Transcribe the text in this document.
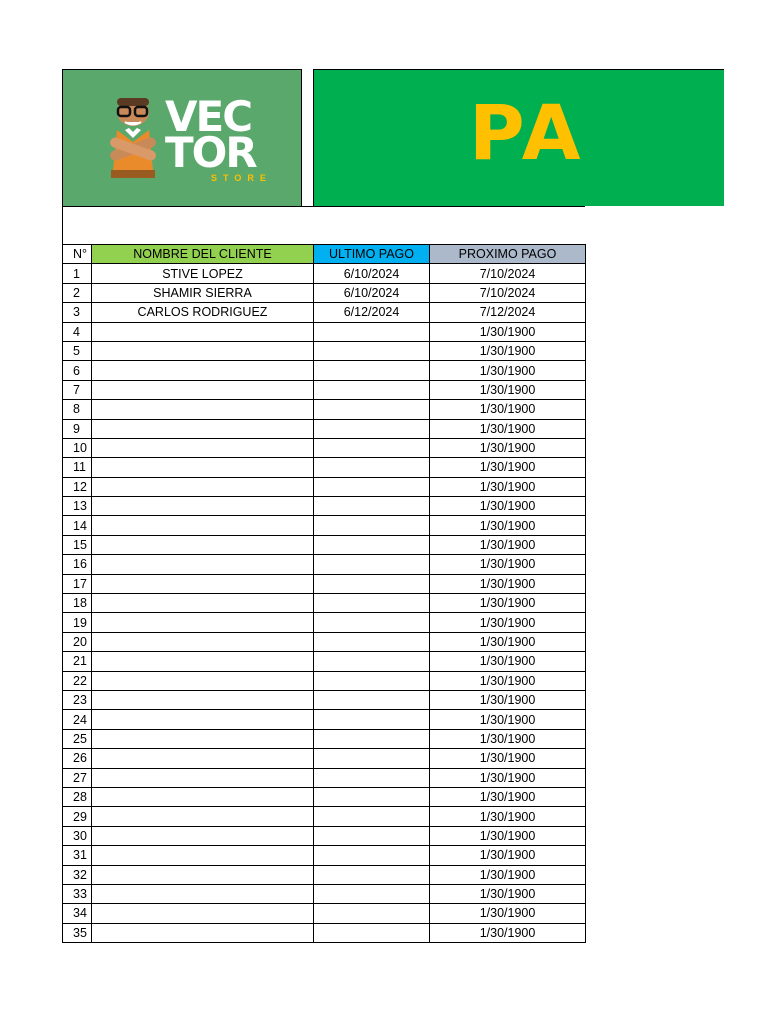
VEC
TOR
STORE
PA
N°	NOMBRE DEL CLIENTE	ULTIMO PAGO	PROXIMO PAGO
1	STIVE LOPEZ	6/10/2024	7/10/2024
2	SHAMIR SIERRA	6/10/2024	7/10/2024
3	CARLOS RODRIGUEZ	6/12/2024	7/12/2024
4			1/30/1900
5			1/30/1900
6			1/30/1900
7			1/30/1900
8			1/30/1900
9			1/30/1900
10			1/30/1900
11			1/30/1900
12			1/30/1900
13			1/30/1900
14			1/30/1900
15			1/30/1900
16			1/30/1900
17			1/30/1900
18			1/30/1900
19			1/30/1900
20			1/30/1900
21			1/30/1900
22			1/30/1900
23			1/30/1900
24			1/30/1900
25			1/30/1900
26			1/30/1900
27			1/30/1900
28			1/30/1900
29			1/30/1900
30			1/30/1900
31			1/30/1900
32			1/30/1900
33			1/30/1900
34			1/30/1900
35			1/30/1900
